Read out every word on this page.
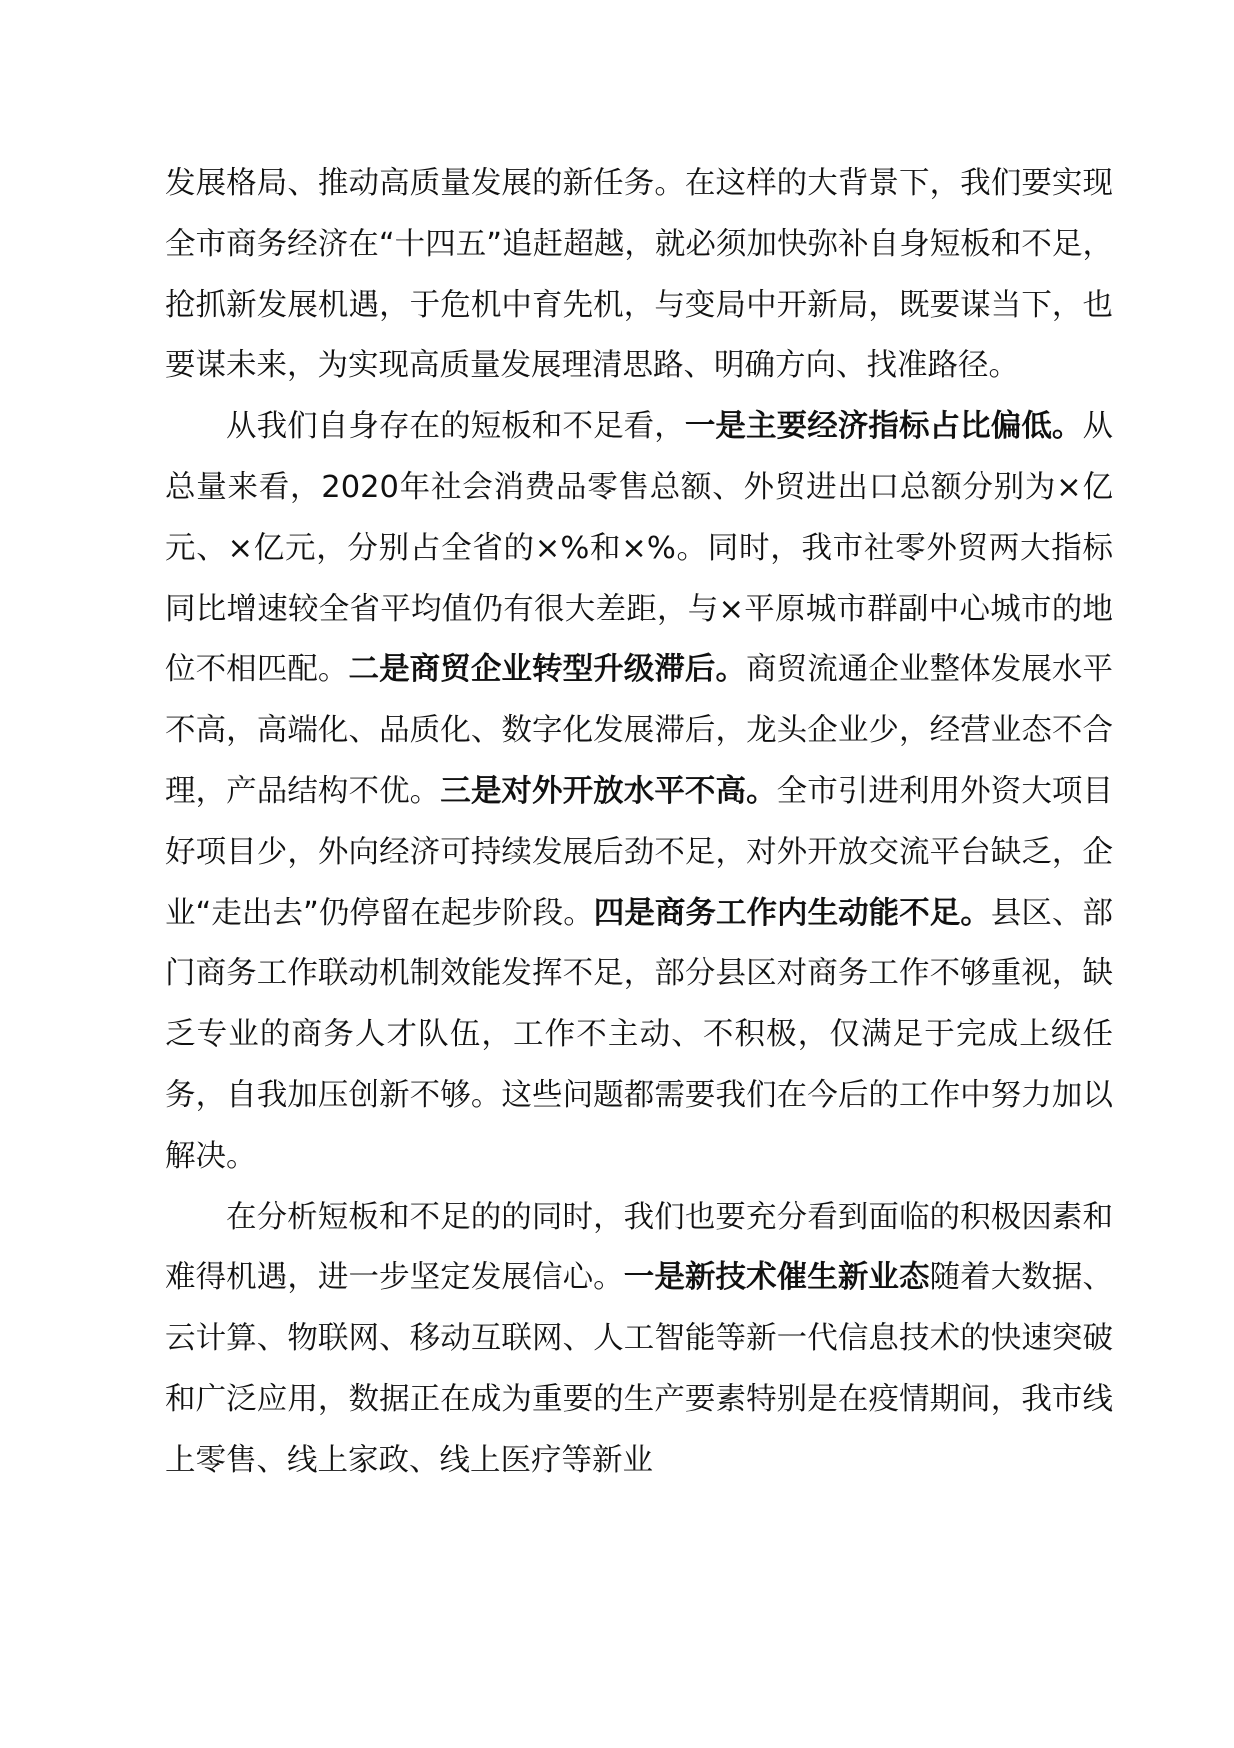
发展格局、推动高质量发展的新任务。在这样的大背景下，我们要实现全市商务经济在“十四五”追赶超越，就必须加快弥补自身短板和不足，抢抓新发展机遇，于危机中育先机，与变局中开新局，既要谋当下，也要谋未来，为实现高质量发展理清思路、明确方向、找准路径。

从我们自身存在的短板和不足看，一是主要经济指标占比偏低。从总量来看，2020年社会消费品零售总额、外贸进出口总额分别为×亿元、×亿元，分别占全省的×%和×%。同时，我市社零外贸两大指标同比增速较全省平均值仍有很大差距，与×平原城市群副中心城市的地位不相匹配。二是商贸企业转型升级滞后。商贸流通企业整体发展水平不高，高端化、品质化、数字化发展滞后，龙头企业少，经营业态不合理，产品结构不优。三是对外开放水平不高。全市引进利用外资大项目好项目少，外向经济可持续发展后劲不足，对外开放交流平台缺乏，企业“走出去”仍停留在起步阶段。四是商务工作内生动能不足。县区、部门商务工作联动机制效能发挥不足，部分县区对商务工作不够重视，缺乏专业的商务人才队伍，工作不主动、不积极，仅满足于完成上级任务，自我加压创新不够。这些问题都需要我们在今后的工作中努力加以解决。

在分析短板和不足的的同时，我们也要充分看到面临的积极因素和难得机遇，进一步坚定发展信心。一是新技术催生新业态随着大数据、云计算、物联网、移动互联网、人工智能等新一代信息技术的快速突破和广泛应用，数据正在成为重要的生产要素特别是在疫情期间，我市线上零售、线上家政、线上医疗等新业
